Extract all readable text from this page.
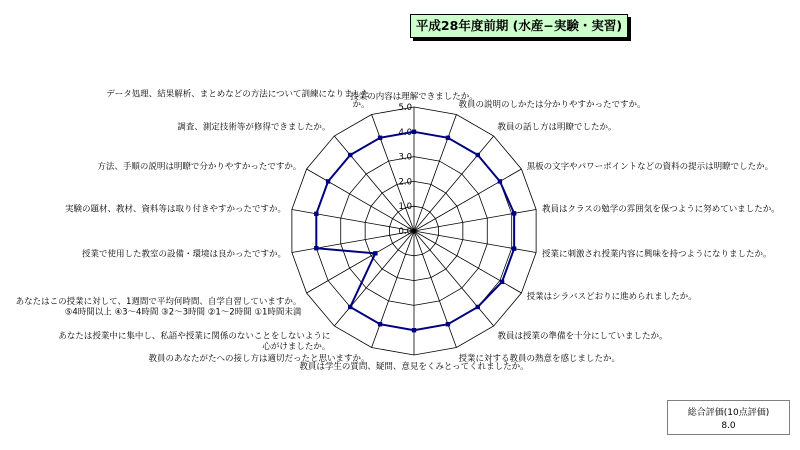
平成28年度前期 (水産−実験・実習)
0.0
1.0
2.0
3.0
4.0
5.0
授業の内容は理解できましたか。
教員の説明のしかたは分かりやすかったですか。
教員の話し方は明瞭でしたか。
黒板の文字やパワーポイントなどの資料の提示は明瞭でしたか。
教員はクラスの勉学の雰囲気を保つように努めていましたか。
授業に刺激され授業内容に興味を持つようになりましたか。
授業はシラバスどおりに進められましたか。
教員は授業の準備を十分にしていましたか。
授業に対する教員の熱意を感じましたか。
教員は学生の質問、疑問、意見をくみとってくれましたか。
教員のあなたがたへの接し方は適切だったと思いますか。
あなたは授業中に集中し、私語や授業に関係のないことをしないように心がけましたか。
あなたはこの授業に対して、1週間で平均何時間、自学自習していますか。 ⑤4時間以上 ④3〜4時間 ③2〜3時間 ②1〜2時間 ①1時間未満
授業で使用した教室の設備・環境は良かったですか。
実験の題材、教材、資料等は取り付きやすかったですか。
方法、手順の説明は明瞭で分かりやすかったですか。
調査、測定技術等が修得できましたか。
データ処理、結果解析、まとめなどの方法について訓練になりましたか。
総合評価(10点評価)
8.0
